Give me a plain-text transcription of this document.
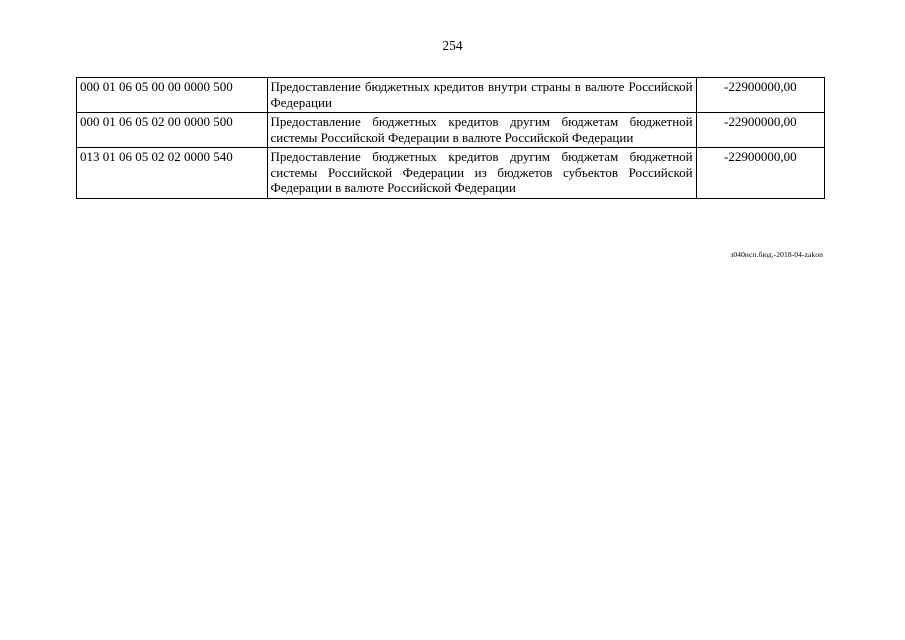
254
000 01 06 05 00 00 0000 500	Предоставление бюджетных кредитов внутри страны в валюте Российской Федерации	-22900000,00
000 01 06 05 02 00 0000 500	Предоставление бюджетных кредитов другим бюджетам бюджетной системы Российской Федерации в валюте Российской Федерации	-22900000,00
013 01 06 05 02 02 0000 540	Предоставление бюджетных кредитов другим бюджетам бюджетной системы Российской Федерации из бюджетов субъектов Российской Федерации в валюте Российской Федерации	-22900000,00
з040исп.бюд.-2018-04-zakon
